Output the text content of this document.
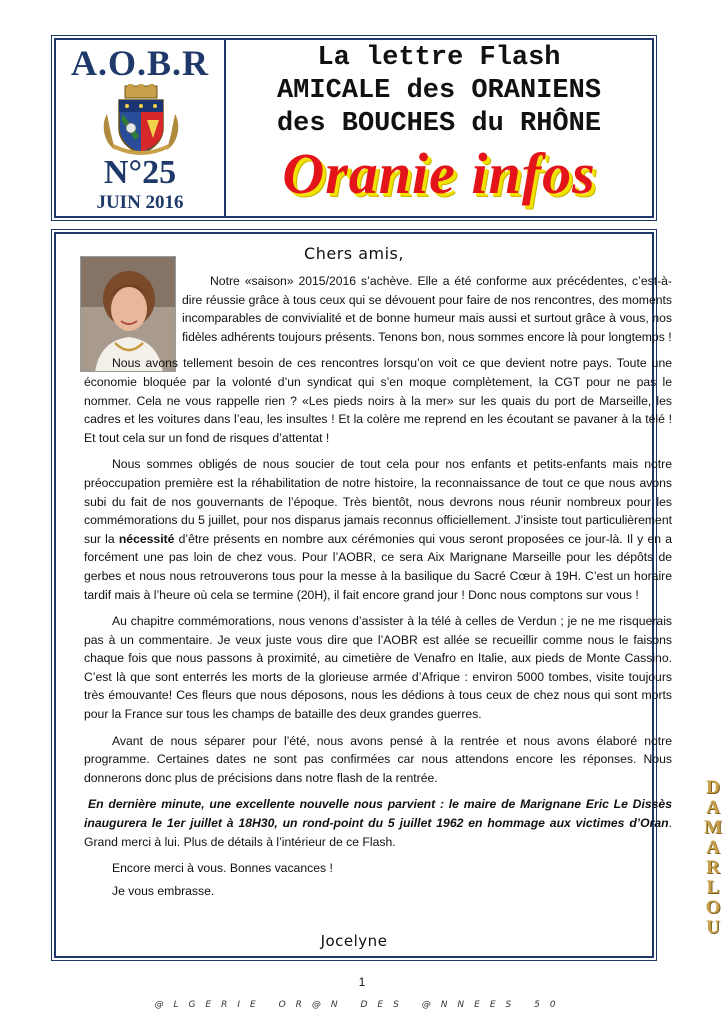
A.O.B.R
N°25
JUIN 2016
La lettre Flash
AMICALE des ORANIENS
des BOUCHES du RHÔNE
Oranie infos
Chers amis,

Notre «saison» 2015/2016 s’achève. Elle a été conforme aux précédentes, c’est-à-dire réussie grâce à tous ceux qui se dévouent pour faire de nos rencontres, des moments incomparables de convivialité et de bonne humeur mais aussi et surtout grâce à vous, nos fidèles adhérents toujours présents. Tenons bon, nous sommes encore là pour longtemps !

Nous avons tellement besoin de ces rencontres lorsqu’on voit ce que devient notre pays. Toute une économie bloquée par la volonté d’un syndicat qui s’en moque complètement, la CGT pour ne pas le nommer. Cela ne vous rappelle rien ? «Les pieds noirs à la mer» sur les quais du port de Marseille, les cadres et les voitures dans l’eau, les insultes ! Et la colère me reprend en les écoutant se pavaner à la télé ! Et tout cela sur un fond de risques d’attentat !

Nous sommes obligés de nous soucier de tout cela pour nos enfants et petits-enfants mais notre préoccupation première est la réhabilitation de notre histoire, la reconnaissance de tout ce que nous avons subi du fait de nos gouvernants de l’époque. Très bientôt, nous devrons nous réunir nombreux pour les commémorations du 5 juillet, pour nos disparus jamais reconnus officiellement. J’insiste tout particulièrement sur la nécessité d’être présents en nombre aux cérémonies qui vous seront proposées ce jour-là. Il y en a forcément une pas loin de chez vous. Pour l’AOBR, ce sera Aix Marignane Marseille pour les dépôts de gerbes et nous nous retrouverons tous pour la messe à la basilique du Sacré Cœur à 19H. C’est un horaire tardif mais à l’heure où cela se termine (20H), il fait encore grand jour ! Donc nous comptons sur vous !

Au chapitre commémorations, nous venons d’assister à la télé à celles de Verdun ; je ne me risquerais pas à un commentaire. Je veux juste vous dire que l’AOBR est allée se recueillir comme nous le faisons chaque fois que nous passons à proximité, au cimetière de Venafro en Italie, aux pieds de Monte Cassino. C’est là que sont enterrés les morts de la glorieuse armée d’Afrique : environ 5000 tombes, visite toujours très émouvante! Ces fleurs que nous déposons, nous les dédions à tous ceux de chez nous qui sont morts pour la France sur tous les champs de bataille des deux grandes guerres.

Avant de nous séparer pour l’été, nous avons pensé à la rentrée et nous avons élaboré notre programme. Certaines dates ne sont pas confirmées car nous attendons encore les réponses. Nous donnerons donc plus de précisions dans notre flash de la rentrée.

En dernière minute, une excellente nouvelle nous parvient : le maire de Marignane Eric Le Dissès inaugurera le 1er juillet à 18H30, un rond-point du 5 juillet 1962 en hommage aux victimes d’Oran. Grand merci à lui. Plus de détails à l’intérieur de ce Flash.

Encore merci à vous. Bonnes vacances !

Je vous embrasse.

Jocelyne
1
@LGERIE OR@N DES @NNEES 50
DAMARLOU
